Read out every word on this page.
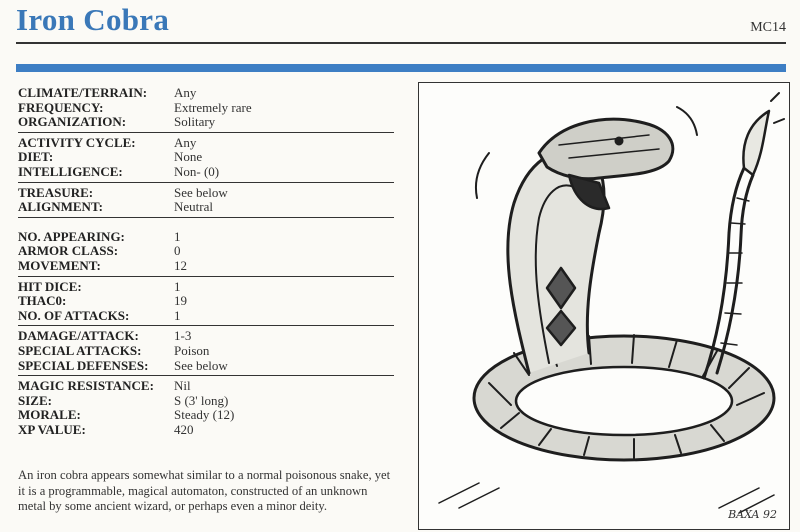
Iron Cobra	MC14
CLIMATE/TERRAIN:	Any
FREQUENCY:	Extremely rare
ORGANIZATION:	Solitary
ACTIVITY CYCLE:	Any
DIET:	None
INTELLIGENCE:	Non- (0)
TREASURE:	See below
ALIGNMENT:	Neutral
NO. APPEARING:	1
ARMOR CLASS:	0
MOVEMENT:	12
HIT DICE:	1
THAC0:	19
NO. OF ATTACKS:	1
DAMAGE/ATTACK:	1-3
SPECIAL ATTACKS:	Poison
SPECIAL DEFENSES:	See below
MAGIC RESISTANCE:	Nil
SIZE:	S (3' long)
MORALE:	Steady (12)
XP VALUE:	420
An iron cobra appears somewhat similar to a normal poisonous snake, yet it is a programmable, magical automaton, constructed of an unknown metal by some ancient wizard, or perhaps even a minor deity.
BAXA 92
